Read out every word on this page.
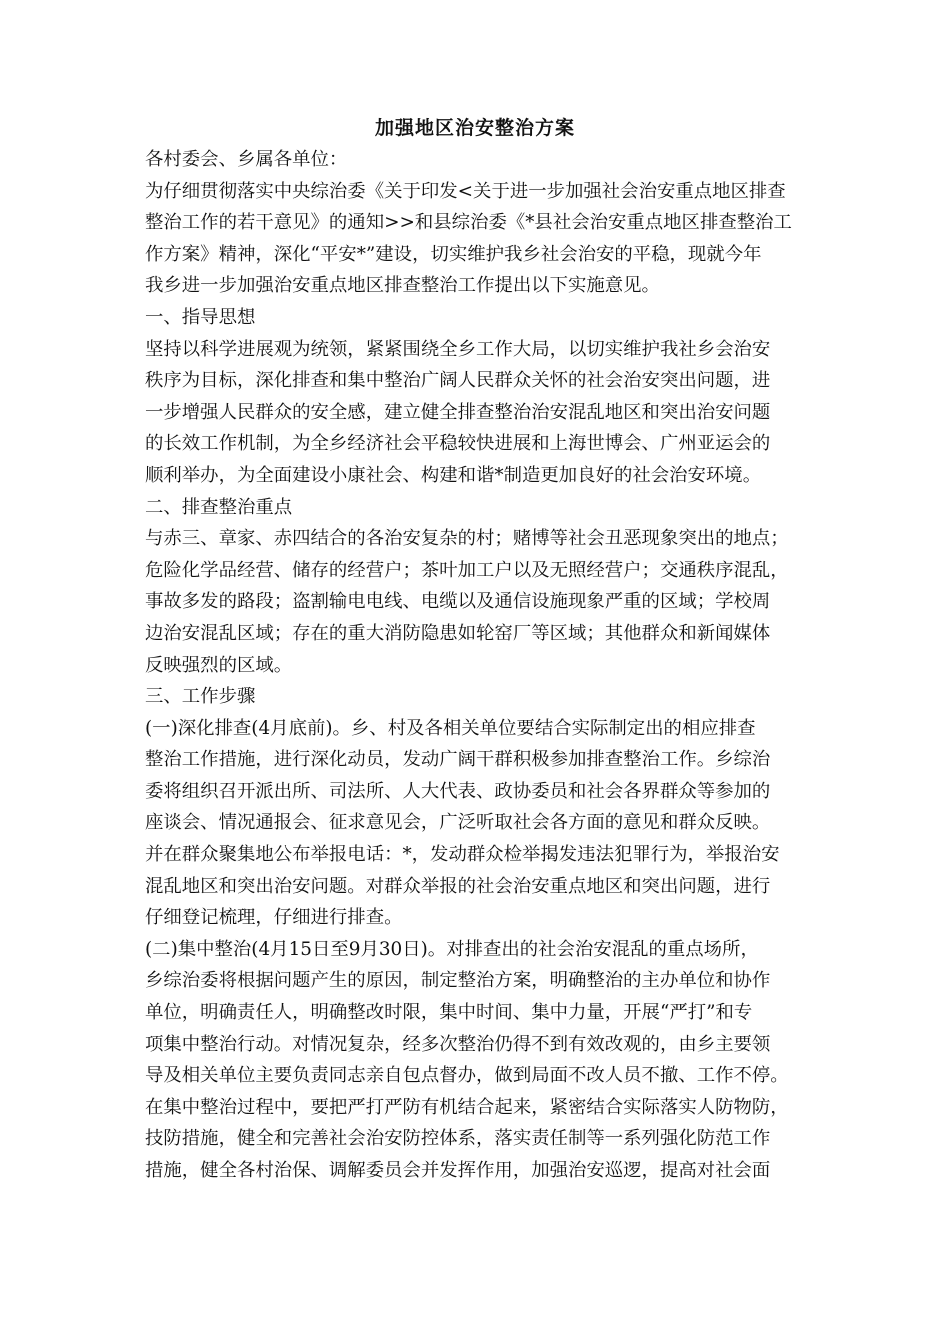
加强地区治安整治方案
各村委会、乡属各单位：
为仔细贯彻落实中央综治委《关于印发<关于进一步加强社会治安重点地区排查
整治工作的若干意见》的通知>>和县综治委《*县社会治安重点地区排查整治工
作方案》精神，深化“平安*”建设，切实维护我乡社会治安的平稳，现就今年
我乡进一步加强治安重点地区排查整治工作提出以下实施意见。
一、指导思想
坚持以科学进展观为统领，紧紧围绕全乡工作大局，以切实维护我社乡会治安
秩序为目标，深化排查和集中整治广阔人民群众关怀的社会治安突出问题，进
一步增强人民群众的安全感，建立健全排查整治治安混乱地区和突出治安问题
的长效工作机制，为全乡经济社会平稳较快进展和上海世博会、广州亚运会的
顺利举办，为全面建设小康社会、构建和谐*制造更加良好的社会治安环境。
二、排查整治重点
与赤三、章家、赤四结合的各治安复杂的村；赌博等社会丑恶现象突出的地点；
危险化学品经营、储存的经营户；茶叶加工户以及无照经营户；交通秩序混乱，
事故多发的路段；盗割输电电线、电缆以及通信设施现象严重的区域；学校周
边治安混乱区域；存在的重大消防隐患如轮窑厂等区域；其他群众和新闻媒体
反映强烈的区域。
三、工作步骤
(一)深化排查(4月底前)。乡、村及各相关单位要结合实际制定出的相应排查
整治工作措施，进行深化动员，发动广阔干群积极参加排查整治工作。乡综治
委将组织召开派出所、司法所、人大代表、政协委员和社会各界群众等参加的
座谈会、情况通报会、征求意见会，广泛听取社会各方面的意见和群众反映。
并在群众聚集地公布举报电话：*，发动群众检举揭发违法犯罪行为，举报治安
混乱地区和突出治安问题。对群众举报的社会治安重点地区和突出问题，进行
仔细登记梳理，仔细进行排查。
(二)集中整治(4月15日至9月30日)。对排查出的社会治安混乱的重点场所，
乡综治委将根据问题产生的原因，制定整治方案，明确整治的主办单位和协作
单位，明确责任人，明确整改时限，集中时间、集中力量，开展“严打”和专
项集中整治行动。对情况复杂，经多次整治仍得不到有效改观的，由乡主要领
导及相关单位主要负责同志亲自包点督办，做到局面不改人员不撤、工作不停。
在集中整治过程中，要把严打严防有机结合起来，紧密结合实际落实人防物防，
技防措施，健全和完善社会治安防控体系，落实责任制等一系列强化防范工作
措施，健全各村治保、调解委员会并发挥作用，加强治安巡逻，提高对社会面
